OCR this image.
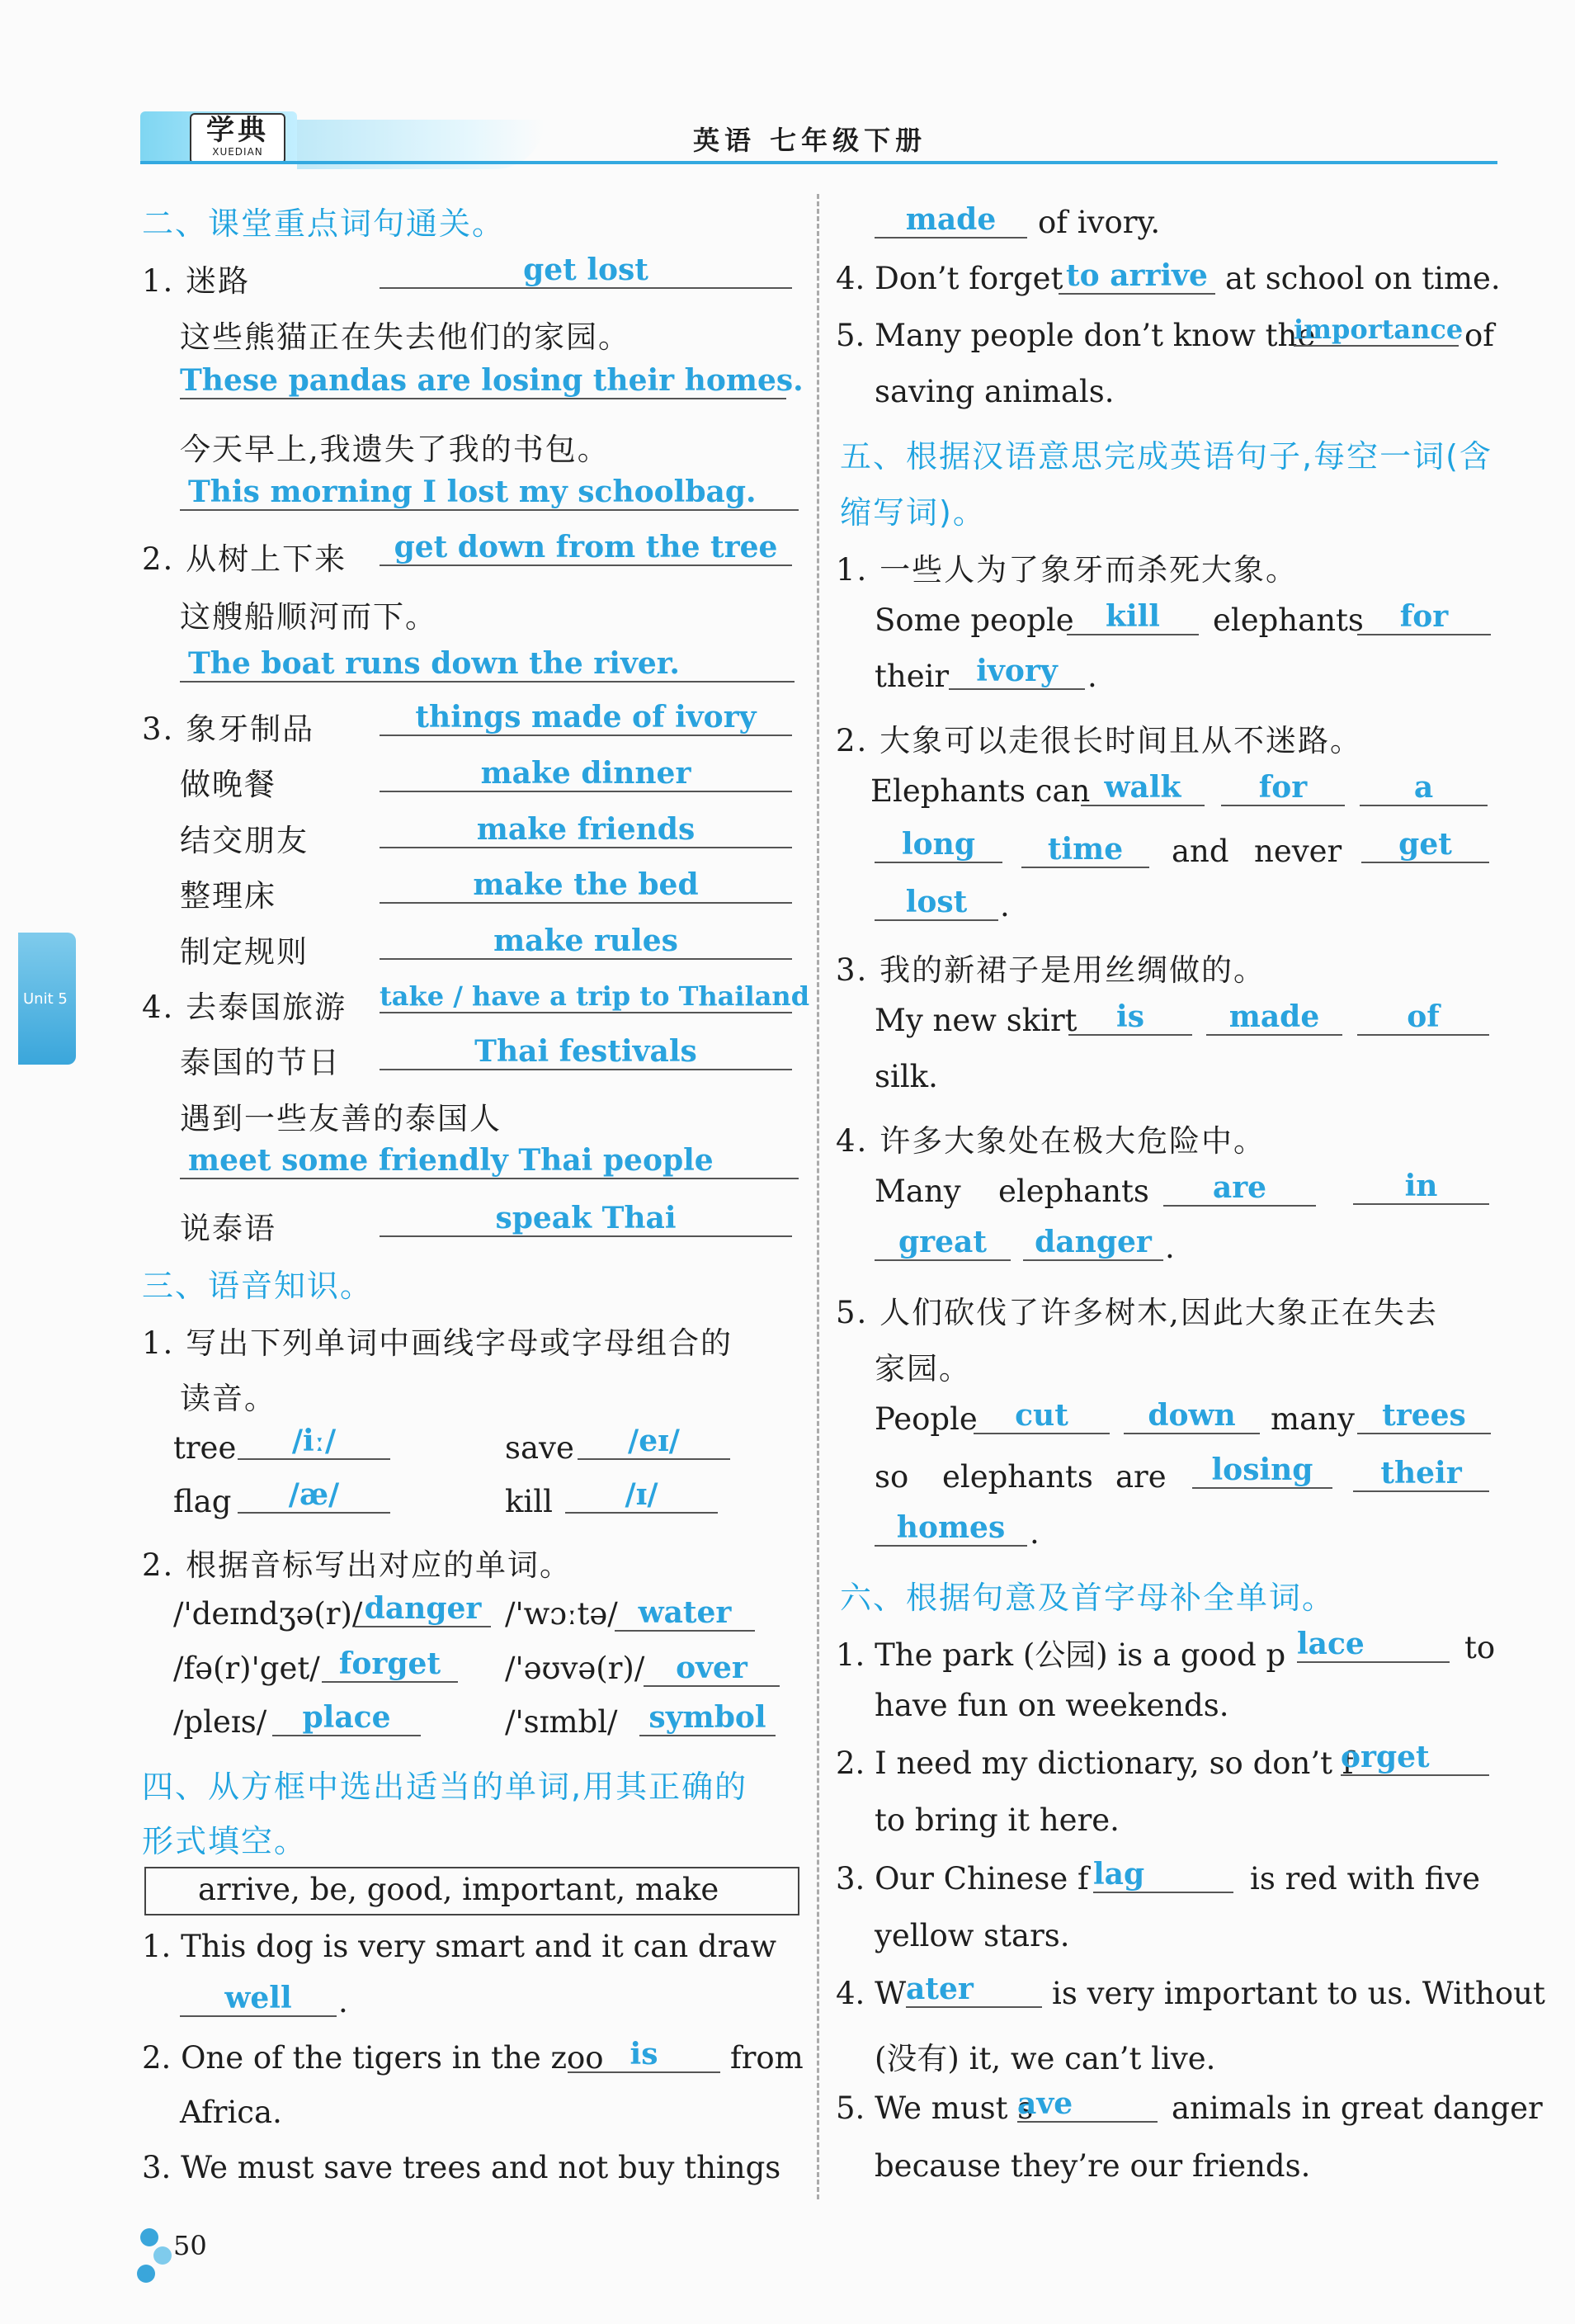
学典
XUEDIAN	英语 七年级下册
Unit 5
二、课堂重点词句通关。
1. 迷路	get lost
这些熊猫正在失去他们的家园。
These pandas are losing their homes.
今天早上,我遗失了我的书包。
This morning I lost my schoolbag.
2. 从树上下来	get down from the tree
这艘船顺河而下。
The boat runs down the river.
3. 象牙制品	things made of ivory
做晚餐	make dinner
结交朋友	make friends
整理床	make the bed
制定规则	make rules
4. 去泰国旅游 take / have a trip to Thailand
泰国的节日	Thai festivals
遇到一些友善的泰国人
meet some friendly Thai people
说泰语	speak Thai
三、语音知识。
1. 写出下列单词中画线字母或字母组合的
读音。
tree	/iː/	save	/eɪ/
flag	/æ/	kill	/ɪ/
2. 根据音标写出对应的单词。
/'deɪndʒə(r)/ danger /'wɔːtə/ water
/fə(r)'get/ forget	/'əʊvə(r)/	over
/pleɪs/	place	/'sɪmbl/	symbol
四、从方框中选出适当的单词,用其正确的
形式填空。
arrive, be, good, important, make
1. This dog is very smart and it can draw
well	.
2. One of the tigers in the zoo is	from
Africa.
3. We must save trees and not buy things
50
made	of ivory.
4. Don’t forget to arrive at school on time.
5. Many people don’t know the
importance of
saving animals.
五、根据汉语意思完成英语句子,每空一词(含
缩写词)。
1. 一些人为了象牙而杀死大象。
Some people	kill	elephants	for
their ivory .
2. 大象可以走很长时间且从不迷路。
Elephants can walk	for	a
long	time	and never	get
lost	.
3. 我的新裙子是用丝绸做的。
My new skirt	is	made	of
silk.
4. 许多大象处在极大危险中。
Many elephants	are	in
great	danger .
5. 人们砍伐了许多树木,因此大象正在失去
家园。
People	cut	down	many trees
so elephants are	losing	their
homes .
六、根据句意及首字母补全单词。
1. The park (公园) is a good p lace	to
have fun on weekends.
2. I need my dictionary, so don’t f
orget
to bring it here.
3. Our Chinese f lag	is red with five
yellow stars.
4. W ater	is very important to us. Without
(没有) it, we can’t live.
5. We must s
ave	animals in great danger
because they’re our friends.
